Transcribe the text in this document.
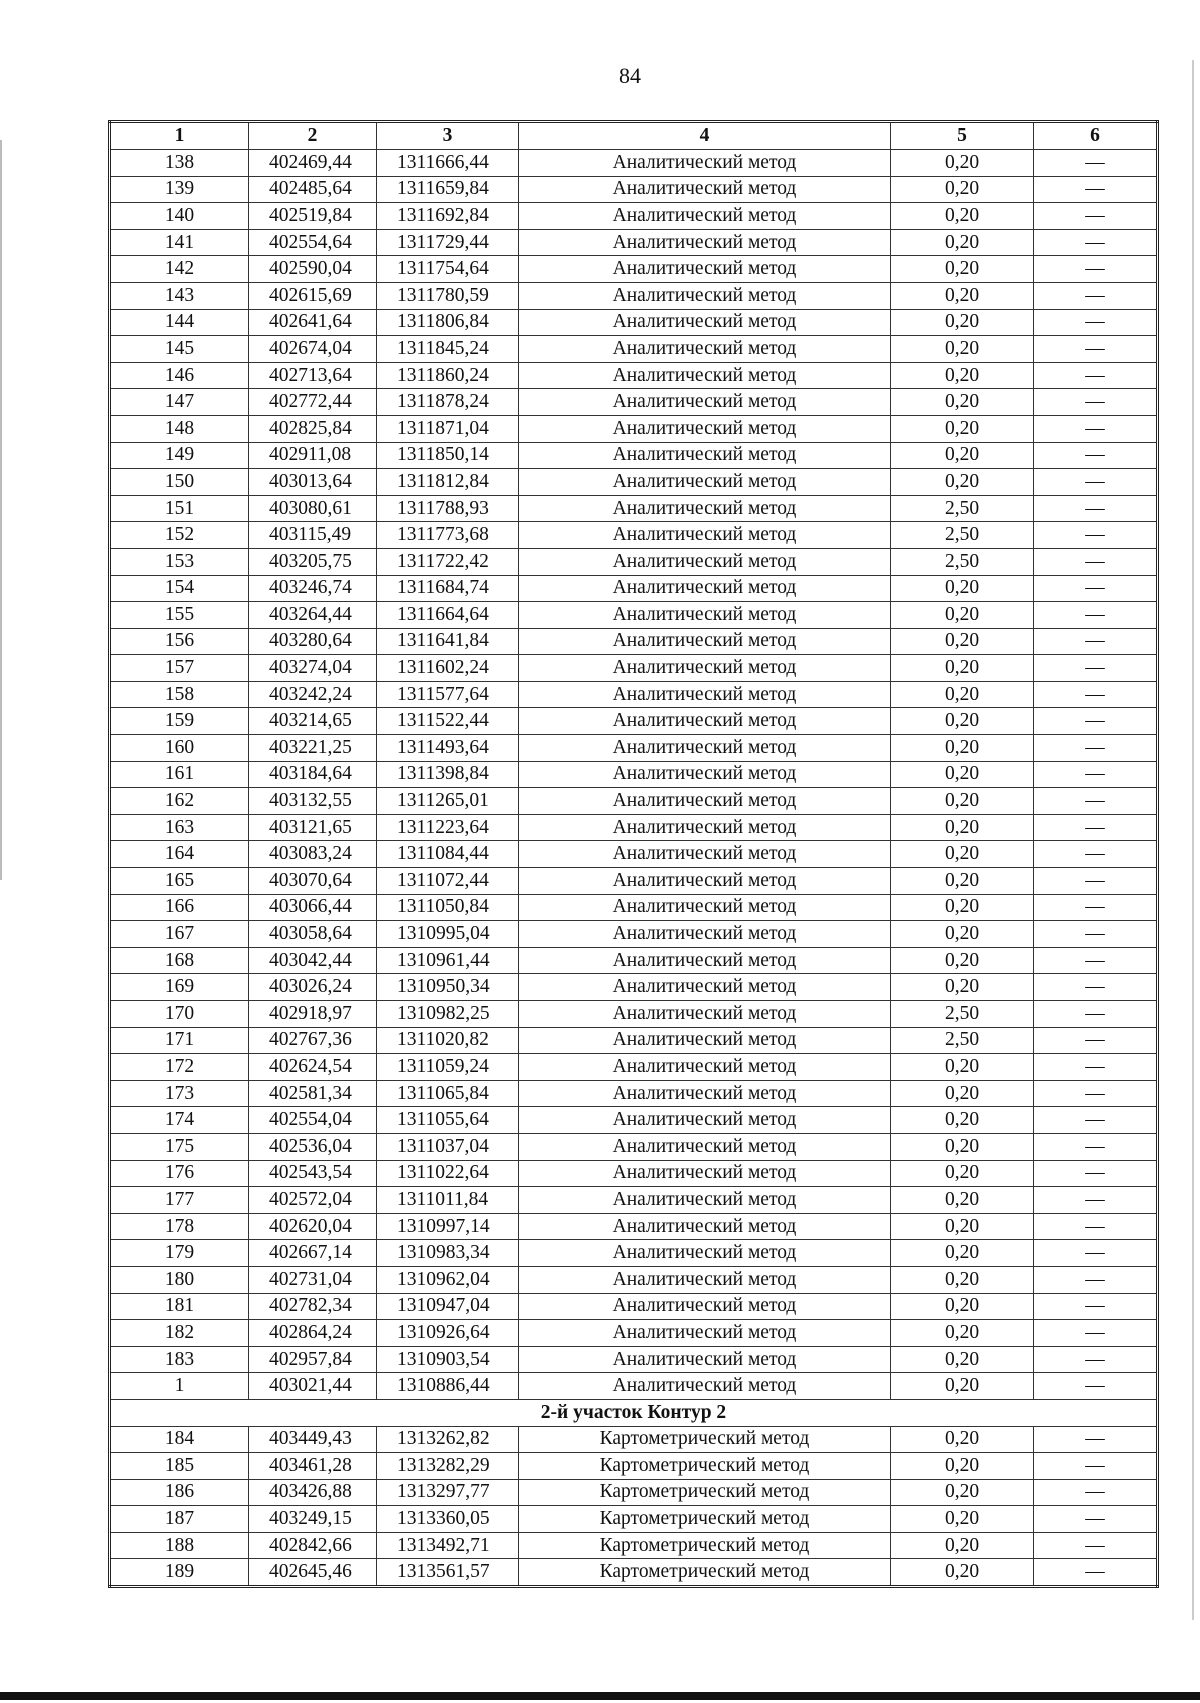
84
1	2	3	4	5	6
138	402469,44	1311666,44	Аналитический метод	0,20	—
139	402485,64	1311659,84	Аналитический метод	0,20	—
140	402519,84	1311692,84	Аналитический метод	0,20	—
141	402554,64	1311729,44	Аналитический метод	0,20	—
142	402590,04	1311754,64	Аналитический метод	0,20	—
143	402615,69	1311780,59	Аналитический метод	0,20	—
144	402641,64	1311806,84	Аналитический метод	0,20	—
145	402674,04	1311845,24	Аналитический метод	0,20	—
146	402713,64	1311860,24	Аналитический метод	0,20	—
147	402772,44	1311878,24	Аналитический метод	0,20	—
148	402825,84	1311871,04	Аналитический метод	0,20	—
149	402911,08	1311850,14	Аналитический метод	0,20	—
150	403013,64	1311812,84	Аналитический метод	0,20	—
151	403080,61	1311788,93	Аналитический метод	2,50	—
152	403115,49	1311773,68	Аналитический метод	2,50	—
153	403205,75	1311722,42	Аналитический метод	2,50	—
154	403246,74	1311684,74	Аналитический метод	0,20	—
155	403264,44	1311664,64	Аналитический метод	0,20	—
156	403280,64	1311641,84	Аналитический метод	0,20	—
157	403274,04	1311602,24	Аналитический метод	0,20	—
158	403242,24	1311577,64	Аналитический метод	0,20	—
159	403214,65	1311522,44	Аналитический метод	0,20	—
160	403221,25	1311493,64	Аналитический метод	0,20	—
161	403184,64	1311398,84	Аналитический метод	0,20	—
162	403132,55	1311265,01	Аналитический метод	0,20	—
163	403121,65	1311223,64	Аналитический метод	0,20	—
164	403083,24	1311084,44	Аналитический метод	0,20	—
165	403070,64	1311072,44	Аналитический метод	0,20	—
166	403066,44	1311050,84	Аналитический метод	0,20	—
167	403058,64	1310995,04	Аналитический метод	0,20	—
168	403042,44	1310961,44	Аналитический метод	0,20	—
169	403026,24	1310950,34	Аналитический метод	0,20	—
170	402918,97	1310982,25	Аналитический метод	2,50	—
171	402767,36	1311020,82	Аналитический метод	2,50	—
172	402624,54	1311059,24	Аналитический метод	0,20	—
173	402581,34	1311065,84	Аналитический метод	0,20	—
174	402554,04	1311055,64	Аналитический метод	0,20	—
175	402536,04	1311037,04	Аналитический метод	0,20	—
176	402543,54	1311022,64	Аналитический метод	0,20	—
177	402572,04	1311011,84	Аналитический метод	0,20	—
178	402620,04	1310997,14	Аналитический метод	0,20	—
179	402667,14	1310983,34	Аналитический метод	0,20	—
180	402731,04	1310962,04	Аналитический метод	0,20	—
181	402782,34	1310947,04	Аналитический метод	0,20	—
182	402864,24	1310926,64	Аналитический метод	0,20	—
183	402957,84	1310903,54	Аналитический метод	0,20	—
1	403021,44	1310886,44	Аналитический метод	0,20	—
2-й участок Контур 2					
184	403449,43	1313262,82	Картометрический метод	0,20	—
185	403461,28	1313282,29	Картометрический метод	0,20	—
186	403426,88	1313297,77	Картометрический метод	0,20	—
187	403249,15	1313360,05	Картометрический метод	0,20	—
188	402842,66	1313492,71	Картометрический метод	0,20	—
189	402645,46	1313561,57	Картометрический метод	0,20	—
